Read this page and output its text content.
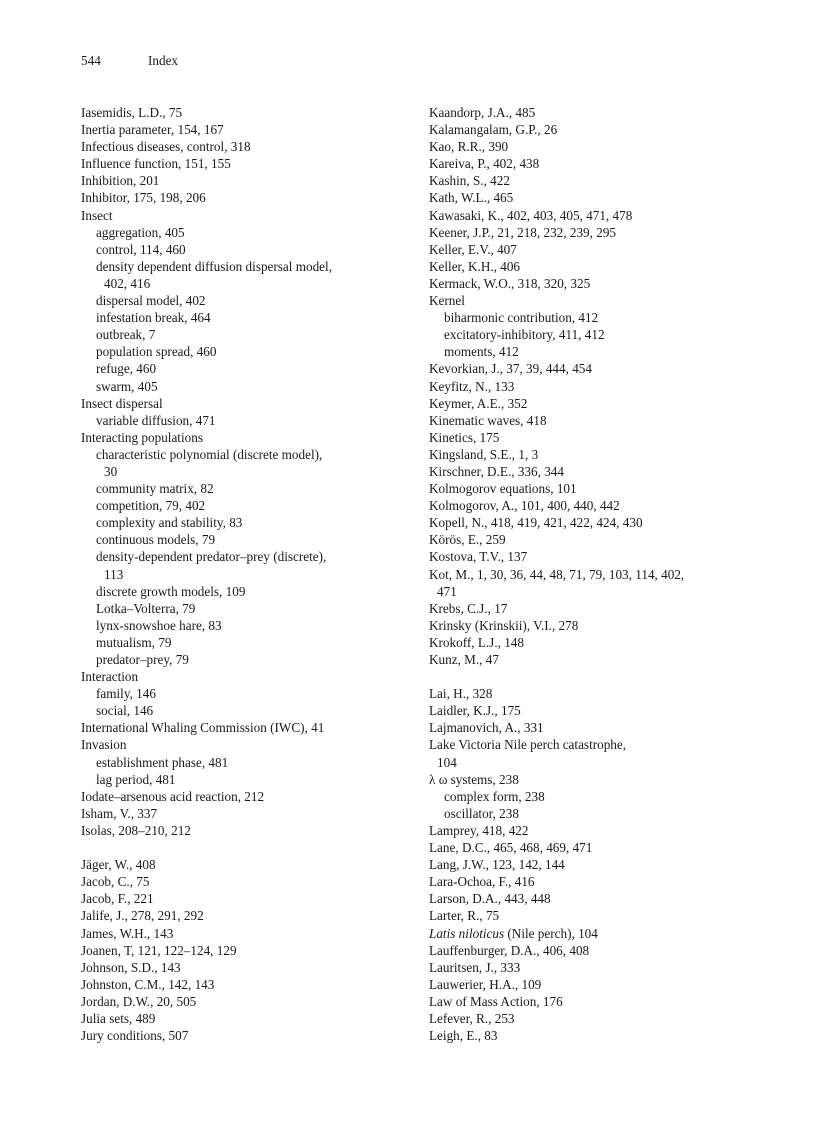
544	Index

Iasemidis, L.D., 75

Inertia parameter, 154, 167

Infectious diseases, control, 318

Influence function, 151, 155

Inhibition, 201

Inhibitor, 175, 198, 206

Insect

aggregation, 405

control, 114, 460

density dependent diffusion dispersal model,

402, 416

dispersal model, 402

infestation break, 464

outbreak, 7

population spread, 460

refuge, 460

swarm, 405

Insect dispersal

variable diffusion, 471

Interacting populations

characteristic polynomial (discrete model),

30

community matrix, 82

competition, 79, 402

complexity and stability, 83

continuous models, 79

density-dependent predator–prey (discrete),

113

discrete growth models, 109

Lotka–Volterra, 79

lynx-snowshoe hare, 83

mutualism, 79

predator–prey, 79

Interaction

family, 146

social, 146

International Whaling Commission (IWC), 41

Invasion

establishment phase, 481

lag period, 481

Iodate–arsenous acid reaction, 212

Isham, V., 337

Isolas, 208–210, 212

Jäger, W., 408

Jacob, C., 75

Jacob, F., 221

Jalife, J., 278, 291, 292

James, W.H., 143

Joanen, T, 121, 122–124, 129

Johnson, S.D., 143

Johnston, C.M., 142, 143

Jordan, D.W., 20, 505

Julia sets, 489

Jury conditions, 507

Kaandorp, J.A., 485

Kalamangalam, G.P., 26

Kao, R.R., 390

Kareiva, P., 402, 438

Kashin, S., 422

Kath, W.L., 465

Kawasaki, K., 402, 403, 405, 471, 478

Keener, J.P., 21, 218, 232, 239, 295

Keller, E.V., 407

Keller, K.H., 406

Kermack, W.O., 318, 320, 325

Kernel

biharmonic contribution, 412

excitatory-inhibitory, 411, 412

moments, 412

Kevorkian, J., 37, 39, 444, 454

Keyfitz, N., 133

Keymer, A.E., 352

Kinematic waves, 418

Kinetics, 175

Kingsland, S.E., 1, 3

Kirschner, D.E., 336, 344

Kolmogorov equations, 101

Kolmogorov, A., 101, 400, 440, 442

Kopell, N., 418, 419, 421, 422, 424, 430

Körös, E., 259

Kostova, T.V., 137

Kot, M., 1, 30, 36, 44, 48, 71, 79, 103, 114, 402,

471

Krebs, C.J., 17

Krinsky (Krinskii), V.I., 278

Krokoff, L.J., 148

Kunz, M., 47

Lai, H., 328

Laidler, K.J., 175

Lajmanovich, A., 331

Lake Victoria Nile perch catastrophe,

104

λ ω systems, 238

complex form, 238

oscillator, 238

Lamprey, 418, 422

Lane, D.C., 465, 468, 469, 471

Lang, J.W., 123, 142, 144

Lara-Ochoa, F., 416

Larson, D.A., 443, 448

Larter, R., 75

Latis niloticus (Nile perch), 104

Lauffenburger, D.A., 406, 408

Lauritsen, J., 333

Lauwerier, H.A., 109

Law of Mass Action, 176

Lefever, R., 253

Leigh, E., 83
